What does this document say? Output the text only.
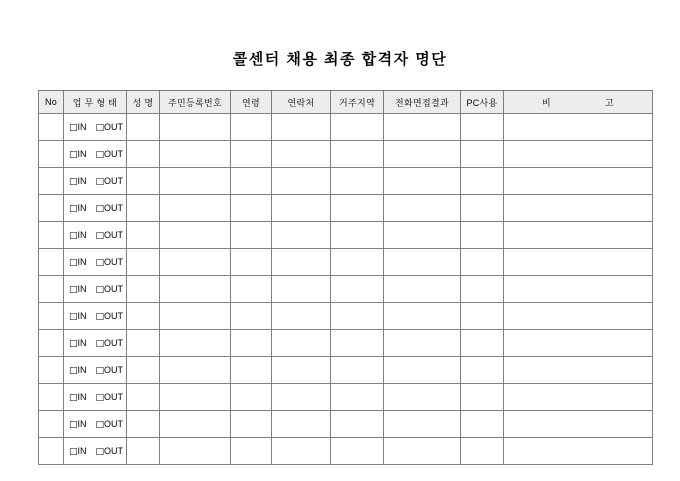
콜센터 채용 최종 합격자 명단
No	업 무 형 태	성 명	주민등록번호	연령	연락처	거주지역	전화면접결과	PC사용	비 고

	□IN □OUT								
	□IN □OUT								
	□IN □OUT								
	□IN □OUT								
	□IN □OUT								
	□IN □OUT								
	□IN □OUT								
	□IN □OUT								
	□IN □OUT								
	□IN □OUT								
	□IN □OUT								
	□IN □OUT								
	□IN □OUT								
